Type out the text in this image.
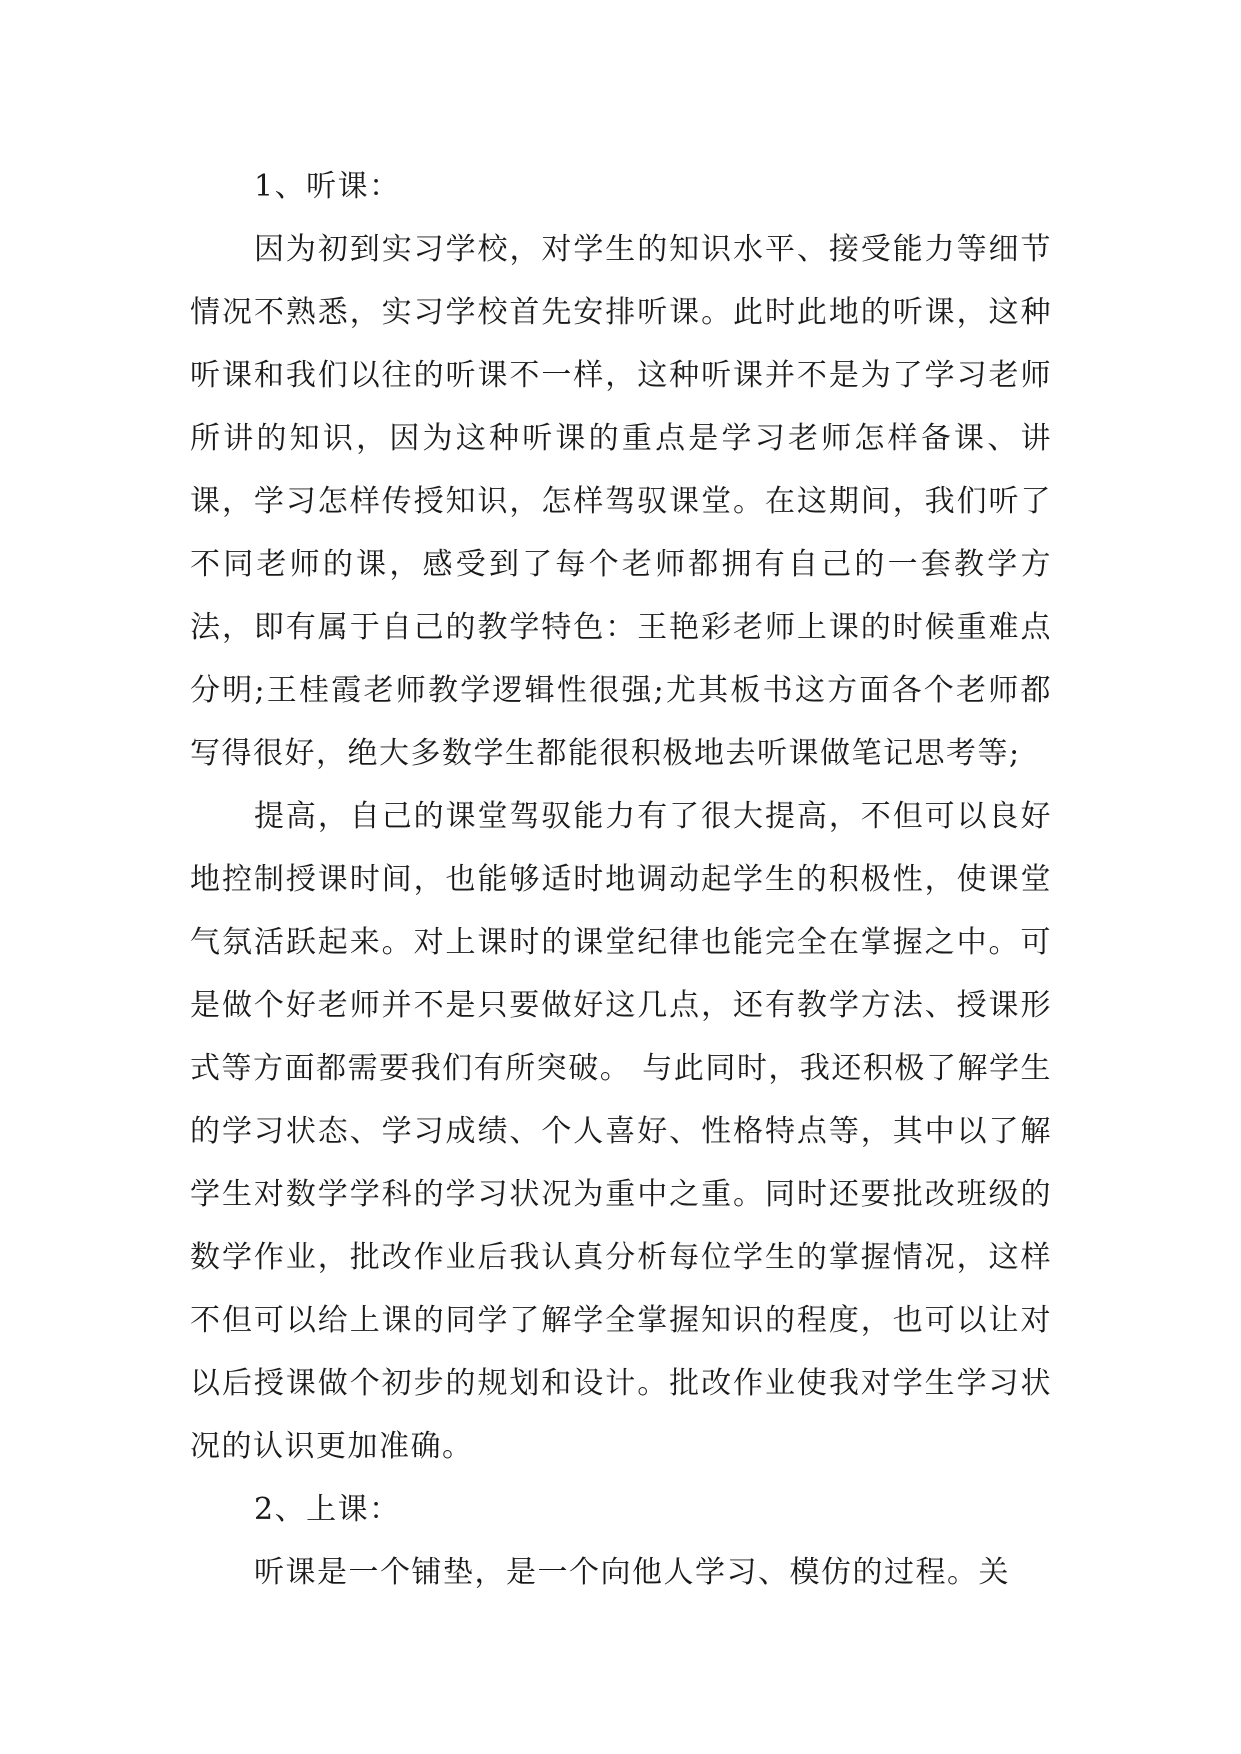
1、听课：

因为初到实习学校，对学生的知识水平、接受能力等细节情况不熟悉，实习学校首先安排听课。此时此地的听课，这种听课和我们以往的听课不一样，这种听课并不是为了学习老师所讲的知识，因为这种听课的重点是学习老师怎样备课、讲课，学习怎样传授知识，怎样驾驭课堂。在这期间，我们听了不同老师的课，感受到了每个老师都拥有自己的一套教学方法，即有属于自己的教学特色：王艳彩老师上课的时候重难点分明;王桂霞老师教学逻辑性很强;尤其板书这方面各个老师都写得很好，绝大多数学生都能很积极地去听课做笔记思考等;

提高，自己的课堂驾驭能力有了很大提高，不但可以良好地控制授课时间，也能够适时地调动起学生的积极性，使课堂气氛活跃起来。对上课时的课堂纪律也能完全在掌握之中。可是做个好老师并不是只要做好这几点，还有教学方法、授课形式等方面都需要我们有所突破。 与此同时，我还积极了解学生的学习状态、学习成绩、个人喜好、性格特点等，其中以了解学生对数学学科的学习状况为重中之重。同时还要批改班级的数学作业，批改作业后我认真分析每位学生的掌握情况，这样不但可以给上课的同学了解学全掌握知识的程度，也可以让对以后授课做个初步的规划和设计。批改作业使我对学生学习状况的认识更加准确。

2、上课：

听课是一个铺垫，是一个向他人学习、模仿的过程。关
